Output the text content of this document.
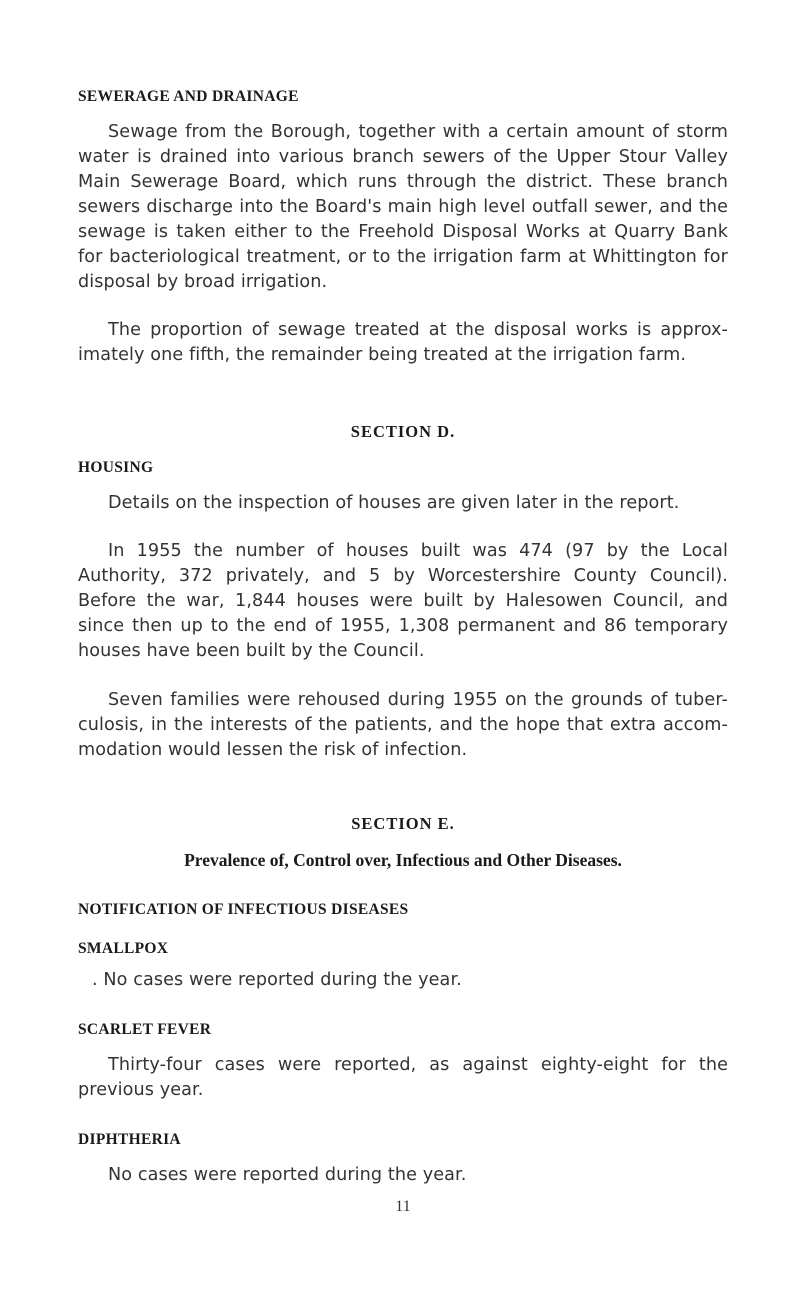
SEWERAGE AND DRAINAGE

Sewage from the Borough, together with a certain amount of storm water is drained into various branch sewers of the Upper Stour Valley Main Sewerage Board, which runs through the district. These branch sewers discharge into the Board's main high level outfall sewer, and the sewage is taken either to the Freehold Disposal Works at Quarry Bank for bacteriological treatment, or to the irrigation farm at Whittington for disposal by broad irrigation.

The proportion of sewage treated at the disposal works is approx- imately one fifth, the remainder being treated at the irrigation farm.

SECTION D.

HOUSING

Details on the inspection of houses are given later in the report.

In 1955 the number of houses built was 474 (97 by the Local Authority, 372 privately, and 5 by Worcestershire County Council). Before the war, 1,844 houses were built by Halesowen Council, and since then up to the end of 1955, 1,308 permanent and 86 temporary houses have been built by the Council.

Seven families were rehoused during 1955 on the grounds of tuber- culosis, in the interests of the patients, and the hope that extra accom- modation would lessen the risk of infection.

SECTION E.

Prevalence of, Control over, Infectious and Other Diseases.

NOTIFICATION OF INFECTIOUS DISEASES

SMALLPOX

. No cases were reported during the year.

SCARLET FEVER

Thirty-four cases were reported, as against eighty-eight for the previous year.

DIPHTHERIA

No cases were reported during the year.

11
